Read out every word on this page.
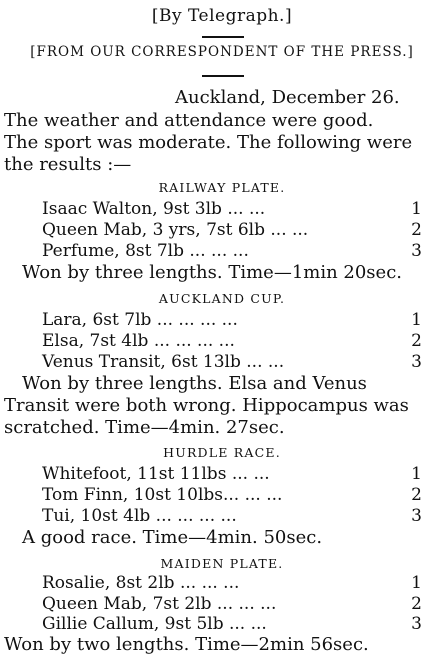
[By Telegraph.]
[FROM OUR CORRESPONDENT OF THE PRESS.]
Auckland, December 26.
The weather and attendance were good.
The sport was moderate. The following were
the results :—
RAILWAY PLATE.
Isaac Walton, 9st 3lb ... ...	1
Queen Mab, 3 yrs, 7st 6lb ... ...	2
Perfume, 8st 7lb ... ... ...	3
Won by three lengths. Time—1min 20sec.
AUCKLAND CUP.
Lara, 6st 7lb ... ... ... ...	1
Elsa, 7st 4lb ... ... ... ...	2
Venus Transit, 6st 13lb ... ...	3
Won by three lengths. Elsa and Venus
Transit were both wrong. Hippocampus was
scratched. Time—4min. 27sec.
HURDLE RACE.
Whitefoot, 11st 11lbs ... ...	1
Tom Finn, 10st 10lbs... ... ...	2
Tui, 10st 4lb ... ... ... ...	3
A good race. Time—4min. 50sec.
MAIDEN PLATE.
Rosalie, 8st 2lb ... ... ...	1
Queen Mab, 7st 2lb ... ... ...	2
Gillie Callum, 9st 5lb ... ...	3
Won by two lengths. Time—2min 56sec.
